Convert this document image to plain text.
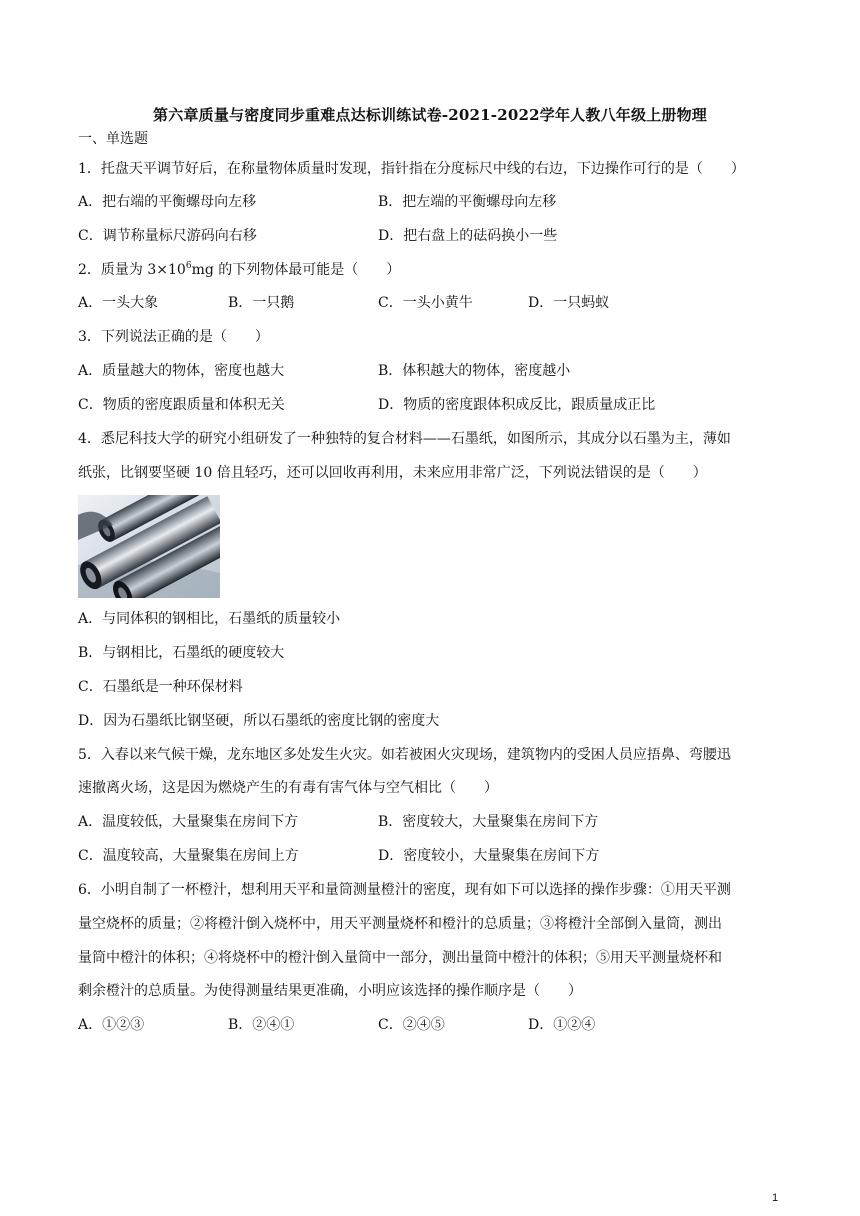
第六章质量与密度同步重难点达标训练试卷-2021-2022学年人教八年级上册物理
一、单选题
1．托盘天平调节好后，在称量物体质量时发现，指针指在分度标尺中线的右边，下边操作可行的是（　　）
A．把右端的平衡螺母向左移	B．把左端的平衡螺母向左移
C．调节称量标尺游码向右移	D．把右盘上的砝码换小一些
2．质量为 $3\times 10^6mg$ 的下列物体最可能是（　　）
A．一头大象	B．一只鹅	C．一头小黄牛	D．一只蚂蚁
3．下列说法正确的是（　　）
A．质量越大的物体，密度也越大	B．体积越大的物体，密度越小
C．物质的密度跟质量和体积无关	D．物质的密度跟体积成反比，跟质量成正比
4．悉尼科技大学的研究小组研发了一种独特的复合材料——石墨纸，如图所示，其成分以石墨为主，薄如
纸张，比钢要坚硬 10 倍且轻巧，还可以回收再利用，未来应用非常广泛，下列说法错误的是（　　）
A．与同体积的钢相比，石墨纸的质量较小
B．与钢相比，石墨纸的硬度较大
C．石墨纸是一种环保材料
D．因为石墨纸比钢坚硬，所以石墨纸的密度比钢的密度大
5．入春以来气候干燥，龙东地区多处发生火灾。如若被困火灾现场，建筑物内的受困人员应捂鼻、弯腰迅
速撤离火场，这是因为燃烧产生的有毒有害气体与空气相比（　　）
A．温度较低，大量聚集在房间下方	B．密度较大，大量聚集在房间下方
C．温度较高，大量聚集在房间上方	D．密度较小，大量聚集在房间下方
6．小明自制了一杯橙汁，想利用天平和量筒测量橙汁的密度，现有如下可以选择的操作步骤：①用天平测
量空烧杯的质量；②将橙汁倒入烧杯中，用天平测量烧杯和橙汁的总质量；③将橙汁全部倒入量筒，测出
量筒中橙汁的体积；④将烧杯中的橙汁倒入量筒中一部分，测出量筒中橙汁的体积；⑤用天平测量烧杯和
剩余橙汁的总质量。为使得测量结果更准确，小明应该选择的操作顺序是（　　）
A．①②③	B．②④①	C．②④⑤	D．①②④
1
